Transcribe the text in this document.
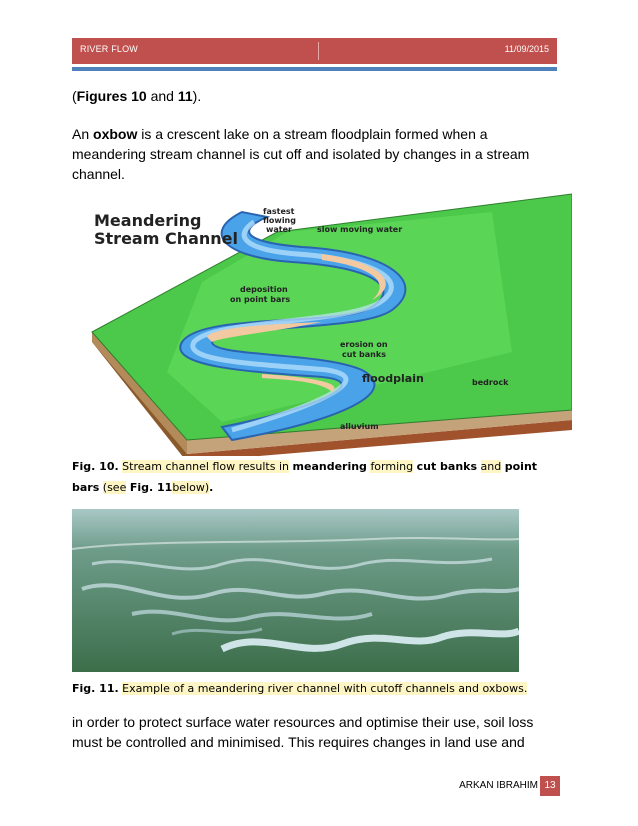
RIVER FLOW	11/09/2015

(Figures 10 and 11).

An oxbow is a crescent lake on a stream floodplain formed when a meandering stream channel is cut off and isolated by changes in a stream channel.

Meandering
Stream Channel
fastest
flowing
water	slow moving water
deposition
on point bars
erosion on
cut banks
floodplain	bedrock
alluvium

Fig. 10. Stream channel flow results in meandering forming cut banks and point bars (see Fig. 11below).

Fig. 11. Example of a meandering river channel with cutoff channels and oxbows.

in order to protect surface water resources and optimise their use, soil loss must be controlled and minimised. This requires changes in land use and

ARKAN IBRAHIM 13
